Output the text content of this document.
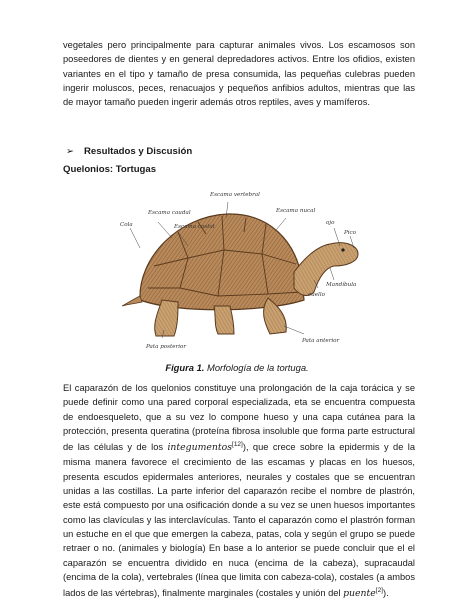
vegetales pero principalmente para capturar animales vivos. Los escamosos son poseedores de dientes y en general depredadores activos. Entre los ofidios, existen variantes en el tipo y tamaño de presa consumida, las pequeñas culebras pueden ingerir moluscos, peces, renacuajos y pequeños anfibios adultos, mientras que las de mayor tamaño pueden ingerir además otros reptiles, aves y mamíferos.

➢ Resultados y Discusión
Quelonios: Tortugas
Cola
Escama caudal
Escama costal
Escama vertebral
Escama nucal
ojo
Pico
cuello
Mandíbula
Pata anterior
Pata posterior

Figura 1. Morfología de la tortuga.

El caparazón de los quelonios constituye una prolongación de la caja torácica y se puede definir como una pared corporal especializada, eta se encuentra compuesta de endoesqueleto, que a su vez lo compone hueso y una capa cutánea para la protección, presenta queratina (proteína fibrosa insoluble que forma parte estructural de las células y de los integumentos[12]), que crece sobre la epidermis y de la misma manera favorece el crecimiento de las escamas y placas en los huesos, presenta escudos epidermales anteriores, neurales y costales que se encuentran unidas a las costillas. La parte inferior del caparazón recibe el nombre de plastrón, este está compuesto por una osificación donde a su vez se unen huesos importantes como las clavículas y las interclavículas. Tanto el caparazón como el plastrón forman un estuche en el que que emergen la cabeza, patas, cola y según el grupo se puede retraer o no. (animales y biología) En base a lo anterior se puede concluir que el el caparazón se encuentra dividido en nuca (encima de la cabeza), supracaudal (encima de la cola), vertebrales (línea que limita con cabeza-cola), costales (a ambos lados de las vértebras), finalmente marginales (costales y unión del puente[2]).
